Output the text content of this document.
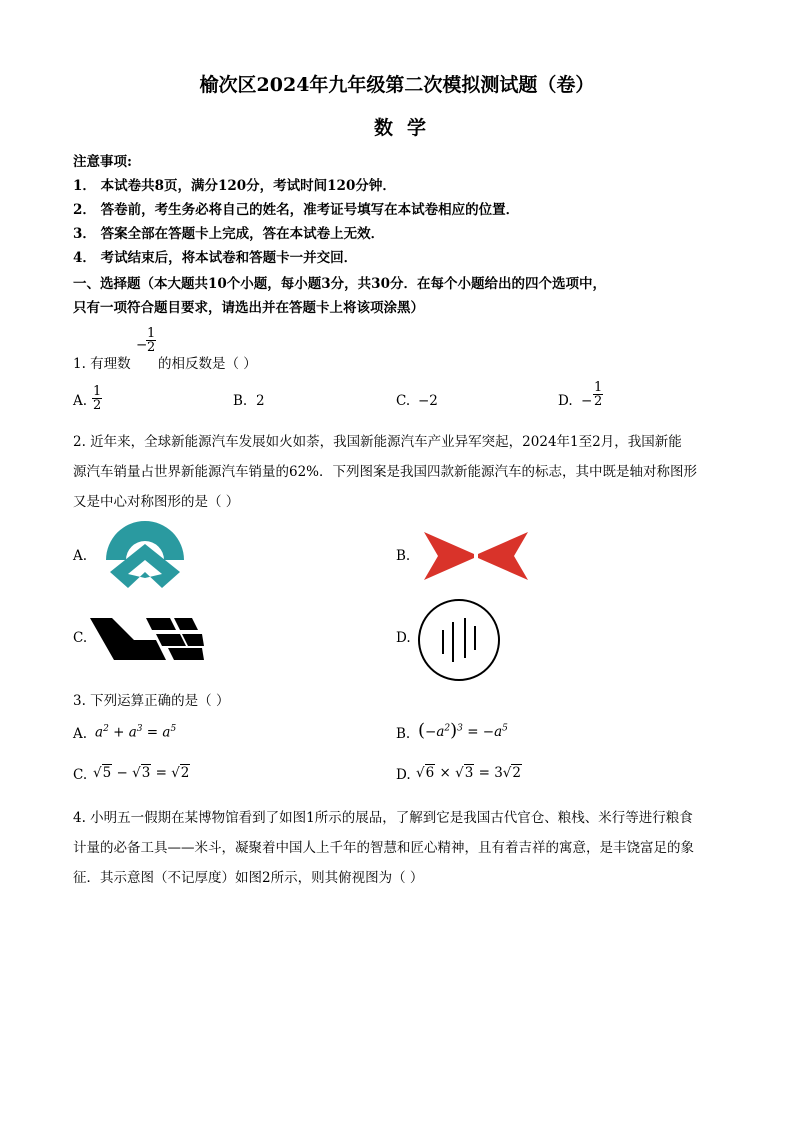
榆次区2024年九年级第二次模拟测试题（卷）
数学
注意事项:
1． 本试卷共8页，满分120分，考试时间120分钟．
2． 答卷前，考生务必将自己的姓名，准考证号填写在本试卷相应的位置．
3． 答案全部在答题卡上完成，答在本试卷上无效．
4． 考试结束后，将本试卷和答题卡一并交回．
一、选择题（本大题共10个小题，每小题3分，共30分．在每个小题给出的四个选项中，
只有一项符合题目要求，请选出并在答题卡上将该项涂黑）
1. 有理数
−
1
2
的相反数是（ ）
A.
1
2	B. 2	C. −2	D. −
1
2
2. 近年来，全球新能源汽车发展如火如荼，我国新能源汽车产业异军突起，2024年1至2月，我国新能
源汽车销量占世界新能源汽车销量的62%．下列图案是我国四款新能源汽车的标志，其中既是轴对称图形
又是中心对称图形的是（ ）
A.	B.
C.	D.
3. 下列运算正确的是（ ）
A. $a^2 + a^3 = a^5$	B. $(-a^2)^3 = -a^5$
C. √5 − √3 = √2	D. √6 × √3 = 3√2
4. 小明五一假期在某博物馆看到了如图1所示的展品，了解到它是我国古代官仓、粮栈、米行等进行粮食
计量的必备工具——米斗，凝聚着中国人上千年的智慧和匠心精神，且有着吉祥的寓意，是丰饶富足的象
征．其示意图（不记厚度）如图2所示，则其俯视图为（ ）
